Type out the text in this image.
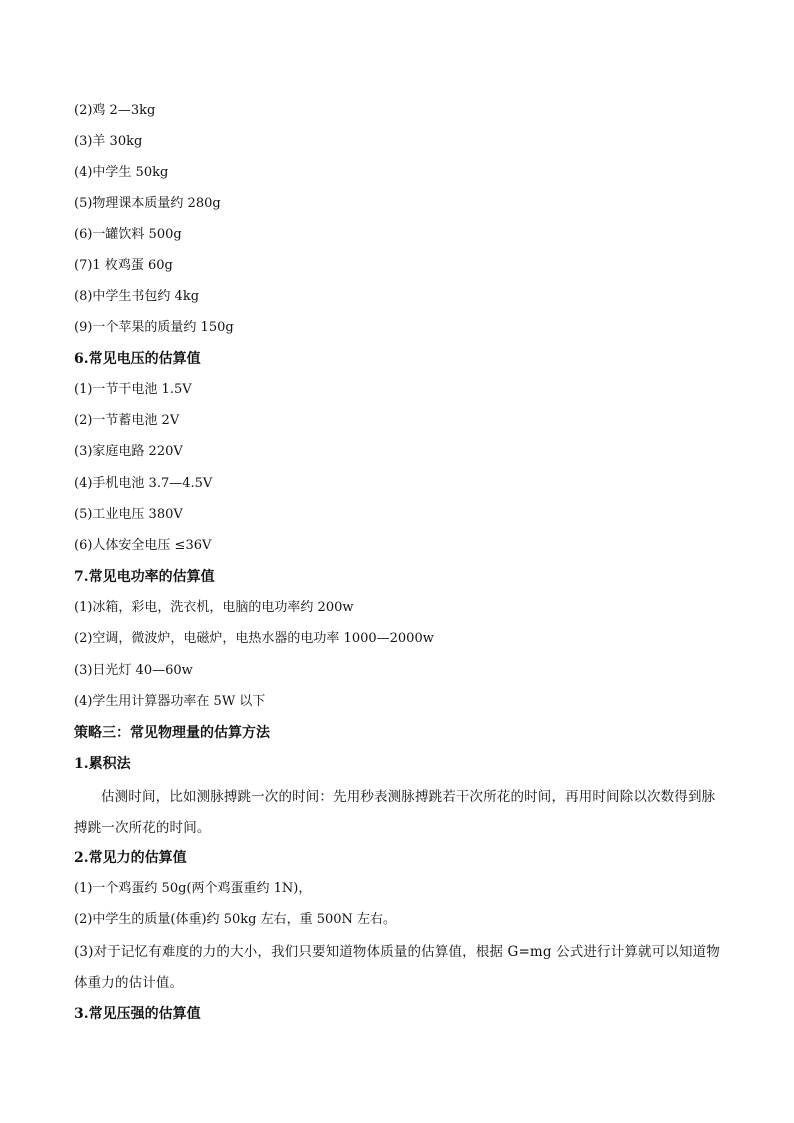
(2)鸡 2—3kg
(3)羊 30kg
(4)中学生 50kg
(5)物理课本质量约 280g
(6)一罐饮料 500g
(7)1 枚鸡蛋 60g
(8)中学生书包约 4kg
(9)一个苹果的质量约 150g
6.常见电压的估算值
(1)一节干电池 1.5V
(2)一节蓄电池 2V
(3)家庭电路 220V
(4)手机电池 3.7—4.5V
(5)工业电压 380V
(6)人体安全电压 ≤36V
7.常见电功率的估算值
(1)冰箱，彩电，洗衣机，电脑的电功率约 200w
(2)空调，微波炉，电磁炉，电热水器的电功率 1000—2000w
(3)日光灯 40—60w
(4)学生用计算器功率在 5W 以下
策略三：常见物理量的估算方法
1.累积法
估测时间，比如测脉搏跳一次的时间：先用秒表测脉搏跳若干次所花的时间，再用时间除以次数得到脉搏跳一次所花的时间。
2.常见力的估算值
(1)一个鸡蛋约 50g(两个鸡蛋重约 1N)，
(2)中学生的质量(体重)约 50kg 左右，重 500N 左右。
(3)对于记忆有难度的力的大小，我们只要知道物体质量的估算值，根据 G=mg 公式进行计算就可以知道物体重力的估计值。
3.常见压强的估算值
